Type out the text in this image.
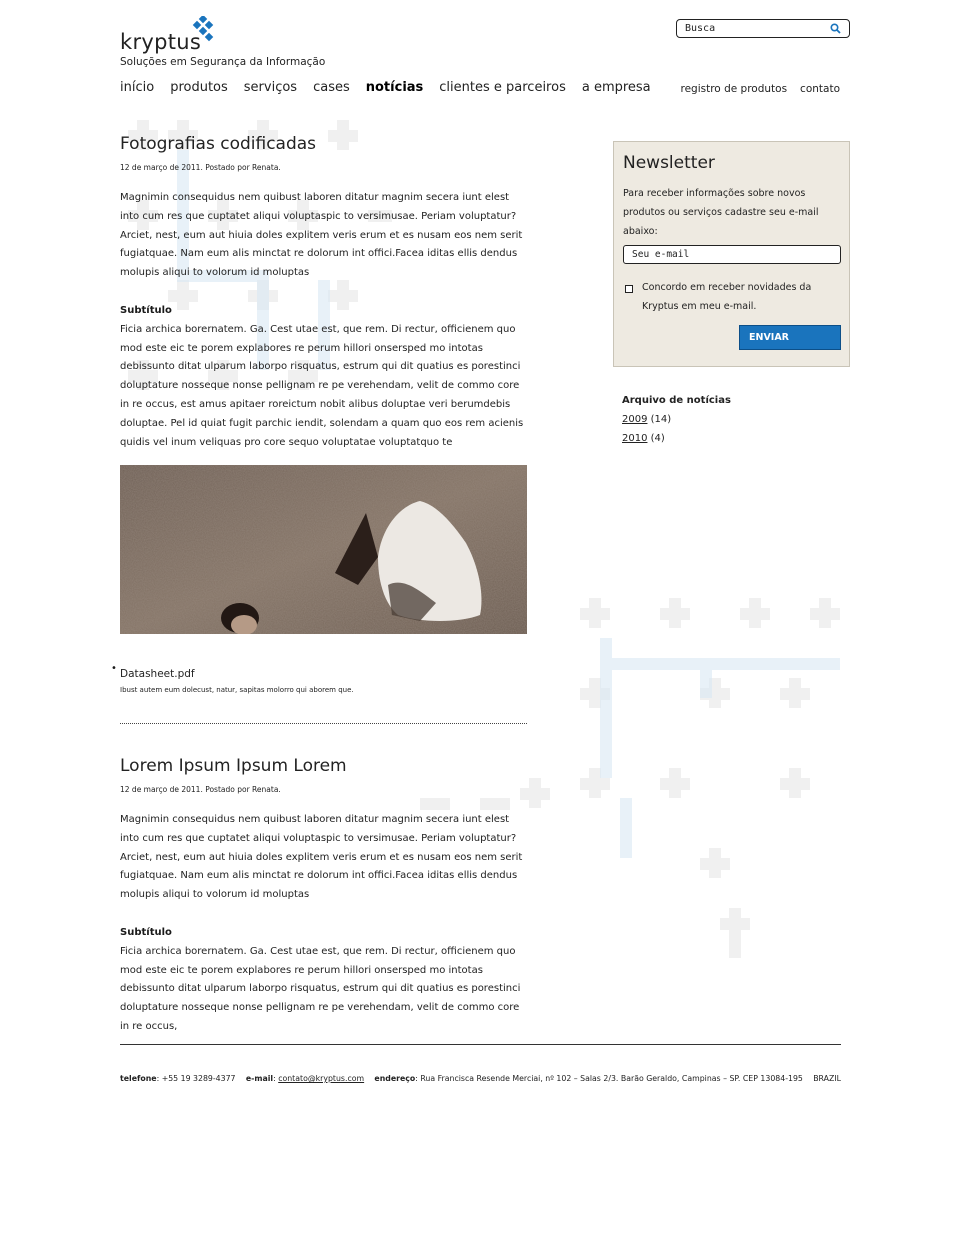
kryptus
Soluções em Segurança da Informação
Busca
início produtos serviços cases notícias clientes e parceiros a empresa	registro de produtos contato
Fotografias codificadas
12 de março de 2011. Postado por Renata.

Magnimin consequidus nem quibust laboren ditatur magnim secera iunt elest into cum res que cuptatet aliqui voluptaspic to versimusae. Periam voluptatur? Arciet, nest, eum aut hiuia doles explitem veris erum et es nusam eos nem serit fugiatquae. Nam eum alis minctat re dolorum int offici.Facea iditas ellis dendus molupis aliqui to volorum id moluptas

Subtítulo

Ficia archica borernatem. Ga. Cest utae est, que rem. Di rectur, officienem quo mod este eic te porem explabores re perum hillori onsersped mo intotas debissunto ditat ulparum laborpo risquatus, estrum qui dit quatius es porestinci doluptature nosseque nonse pellignam re pe verehendam, velit de commo core in re occus, est amus apitaer roreictum nobit alibus doluptae veri berumdebis doluptae. Pel id quiat fugit parchic iendit, solendam a quam quo eos rem acienis quidis vel inum veliquas pro core sequo voluptatae voluptatquo te

• Datasheet.pdf
Ibust autem eum dolecust, natur, sapitas molorro qui aborem que.
Lorem Ipsum Ipsum Lorem
12 de março de 2011. Postado por Renata.

Magnimin consequidus nem quibust laboren ditatur magnim secera iunt elest into cum res que cuptatet aliqui voluptaspic to versimusae. Periam voluptatur? Arciet, nest, eum aut hiuia doles explitem veris erum et es nusam eos nem serit fugiatquae. Nam eum alis minctat re dolorum int offici.Facea iditas ellis dendus molupis aliqui to volorum id moluptas

Subtítulo

Ficia archica borernatem. Ga. Cest utae est, que rem. Di rectur, officienem quo mod este eic te porem explabores re perum hillori onsersped mo intotas debissunto ditat ulparum laborpo risquatus, estrum qui dit quatius es porestinci doluptature nosseque nonse pellignam re pe verehendam, velit de commo core in re occus,

Newsletter

Para receber informações sobre novos produtos ou serviços cadastre seu e-mail abaixo:

Seu e-mail
Concordo em receber novidades da Kryptus em meu e-mail.
ENVIAR
Arquivo de notícias
2009 (14)
2010 (4)
telefone: +55 19 3289-4377 e-mail: contato@kryptus.com endereço: Rua Francisca Resende Merciai, nº 102 – Salas 2/3. Barão Geraldo, Campinas – SP. CEP 13084-195 BRAZIL
